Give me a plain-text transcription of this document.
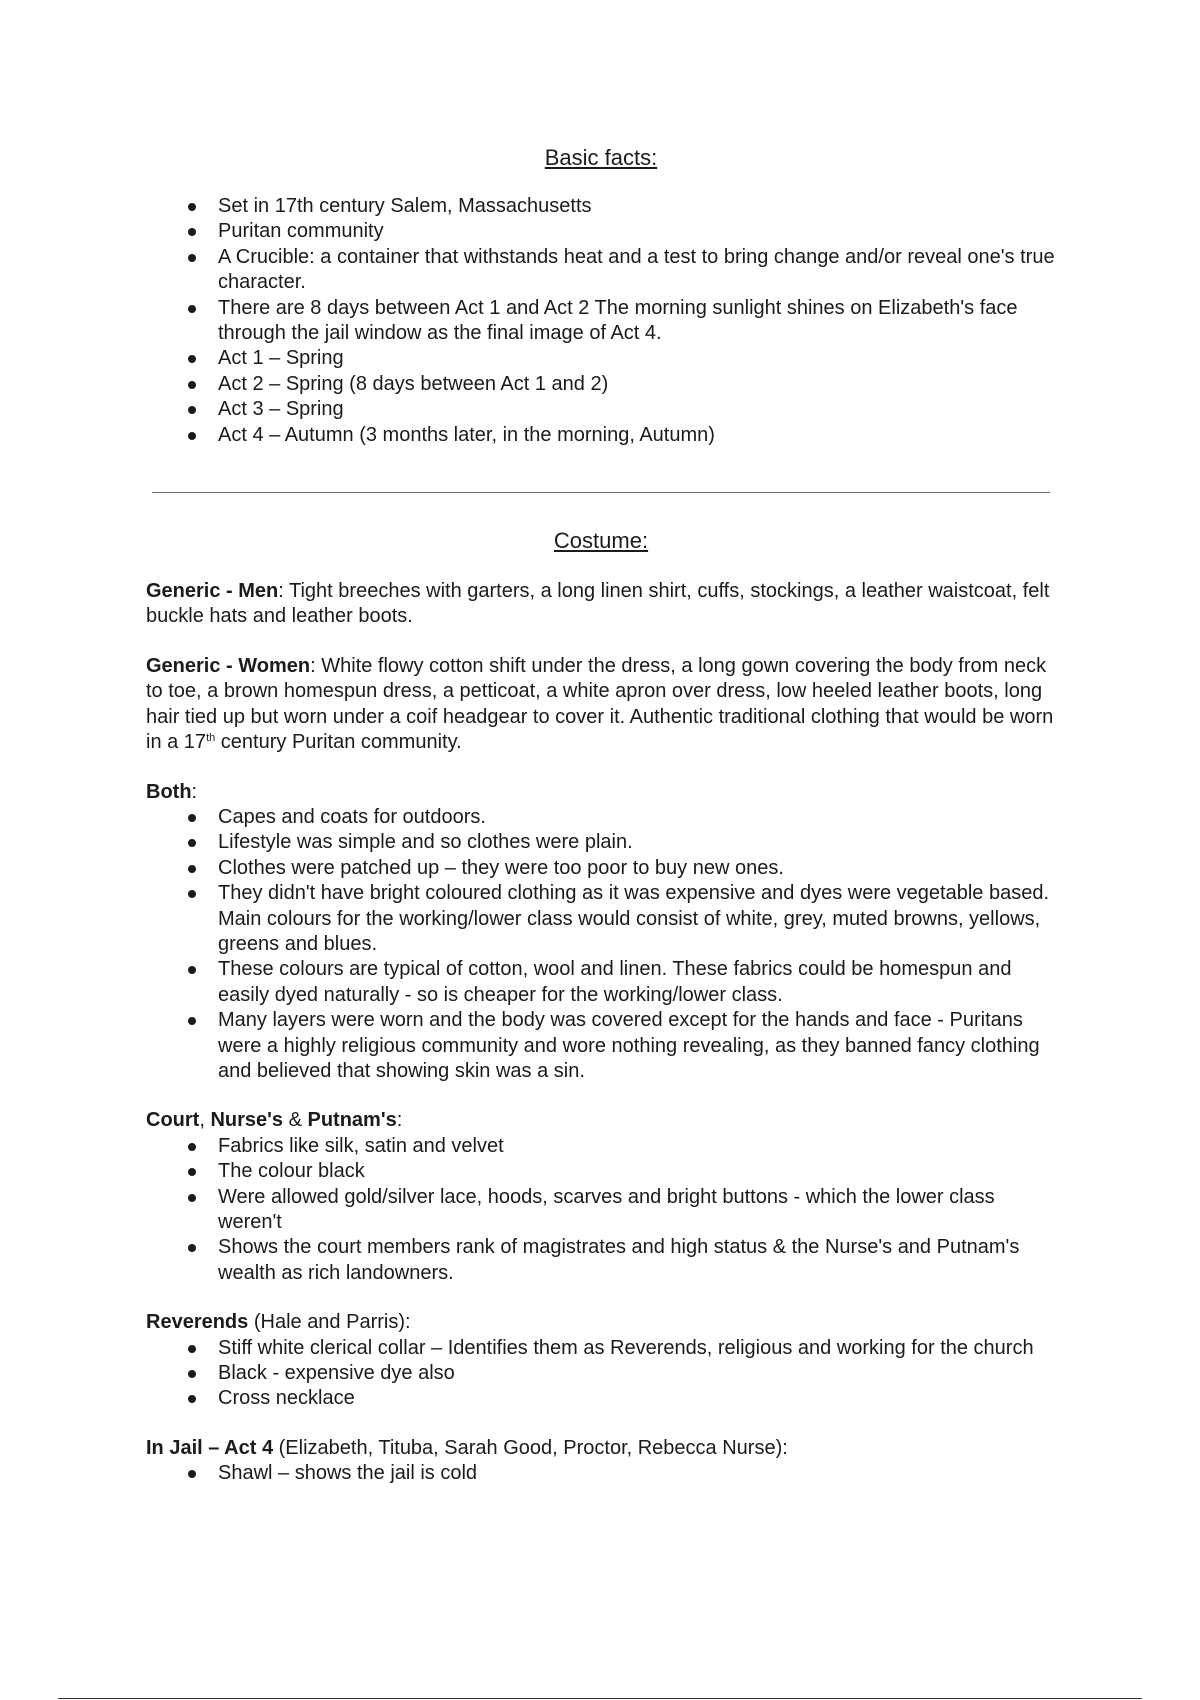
Basic facts:

Set in 17th century Salem, Massachusetts
Puritan community
A Crucible: a container that withstands heat and a test to bring change and/or reveal one's true character.
There are 8 days between Act 1 and Act 2 The morning sunlight shines on Elizabeth's face through the jail window as the final image of Act 4.
Act 1 – Spring
Act 2 – Spring (8 days between Act 1 and 2)
Act 3 – Spring
Act 4 – Autumn (3 months later, in the morning, Autumn)

Costume:

Generic - Men: Tight breeches with garters, a long linen shirt, cuffs, stockings, a leather waistcoat, felt buckle hats and leather boots.

Generic - Women: White flowy cotton shift under the dress, a long gown covering the body from neck to toe, a brown homespun dress, a petticoat, a white apron over dress, low heeled leather boots, long hair tied up but worn under a coif headgear to cover it. Authentic traditional clothing that would be worn in a 17th century Puritan community.

Both:

Capes and coats for outdoors.
Lifestyle was simple and so clothes were plain.
Clothes were patched up – they were too poor to buy new ones.
They didn't have bright coloured clothing as it was expensive and dyes were vegetable based. Main colours for the working/lower class would consist of white, grey, muted browns, yellows, greens and blues.
These colours are typical of cotton, wool and linen. These fabrics could be homespun and easily dyed naturally - so is cheaper for the working/lower class.
Many layers were worn and the body was covered except for the hands and face - Puritans were a highly religious community and wore nothing revealing, as they banned fancy clothing and believed that showing skin was a sin.

Court, Nurse's & Putnam's:

Fabrics like silk, satin and velvet
The colour black
Were allowed gold/silver lace, hoods, scarves and bright buttons - which the lower class weren't
Shows the court members rank of magistrates and high status & the Nurse's and Putnam's wealth as rich landowners.

Reverends (Hale and Parris):

Stiff white clerical collar – Identifies them as Reverends, religious and working for the church
Black - expensive dye also
Cross necklace

In Jail – Act 4 (Elizabeth, Tituba, Sarah Good, Proctor, Rebecca Nurse):

Shawl – shows the jail is cold
